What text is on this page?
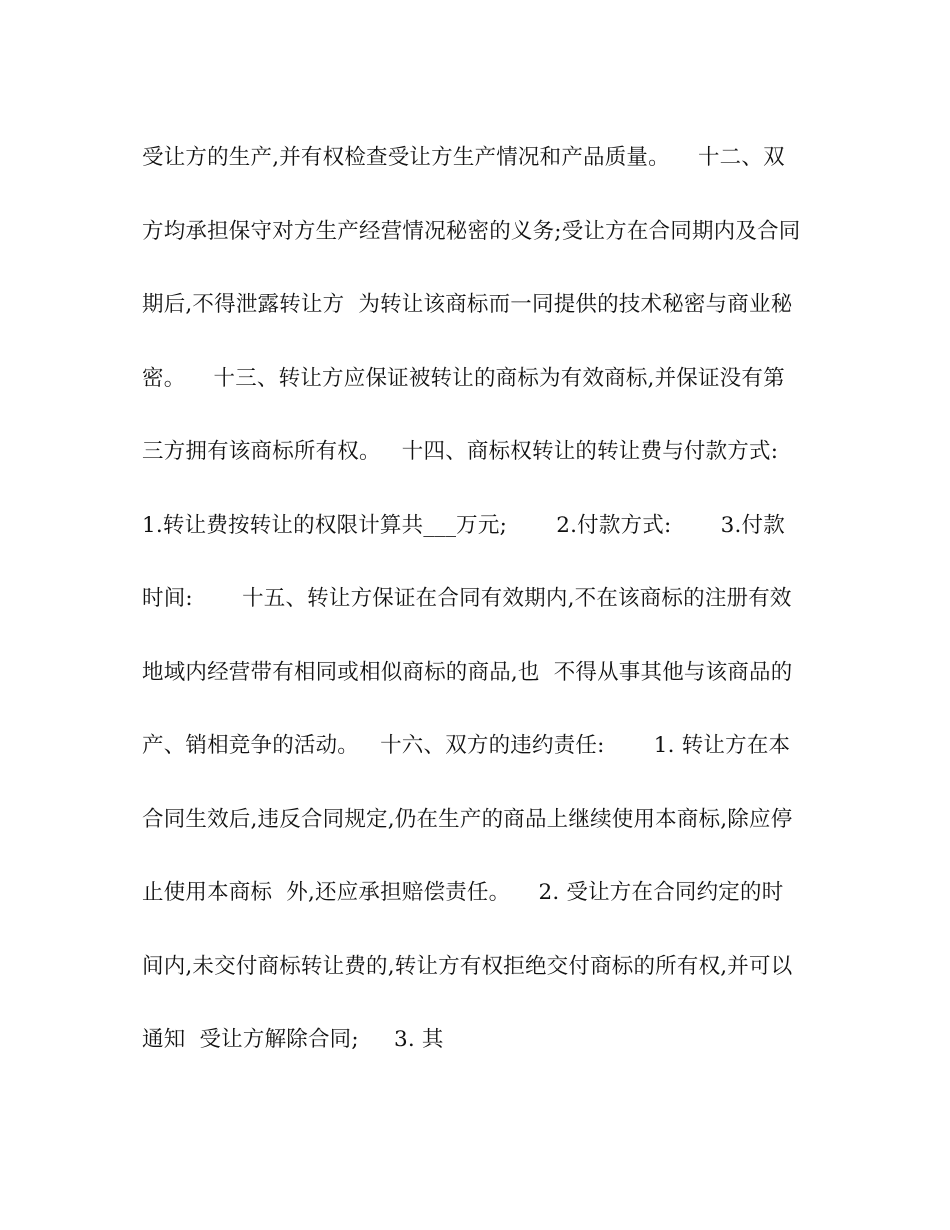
受让方的生产,并有权检查受让方生产情况和产品质量。    十二、双
方均承担保守对方生产经营情况秘密的义务;受让方在合同期内及合同
期后,不得泄露转让方  为转让该商标而一同提供的技术秘密与商业秘
密。    十三、转让方应保证被转让的商标为有效商标,并保证没有第
三方拥有该商标所有权。   十四、商标权转让的转让费与付款方式:
1.转让费按转让的权限计算共___万元;       2.付款方式:       3.付款
时间:       十五、转让方保证在合同有效期内,不在该商标的注册有效
地域内经营带有相同或相似商标的商品,也  不得从事其他与该商品的
产、销相竞争的活动。   十六、双方的违约责任:       1. 转让方在本
合同生效后,违反合同规定,仍在生产的商品上继续使用本商标,除应停
止使用本商标  外,还应承担赔偿责任。    2. 受让方在合同约定的时
间内,未交付商标转让费的,转让方有权拒绝交付商标的所有权,并可以
通知  受让方解除合同;     3. 其
